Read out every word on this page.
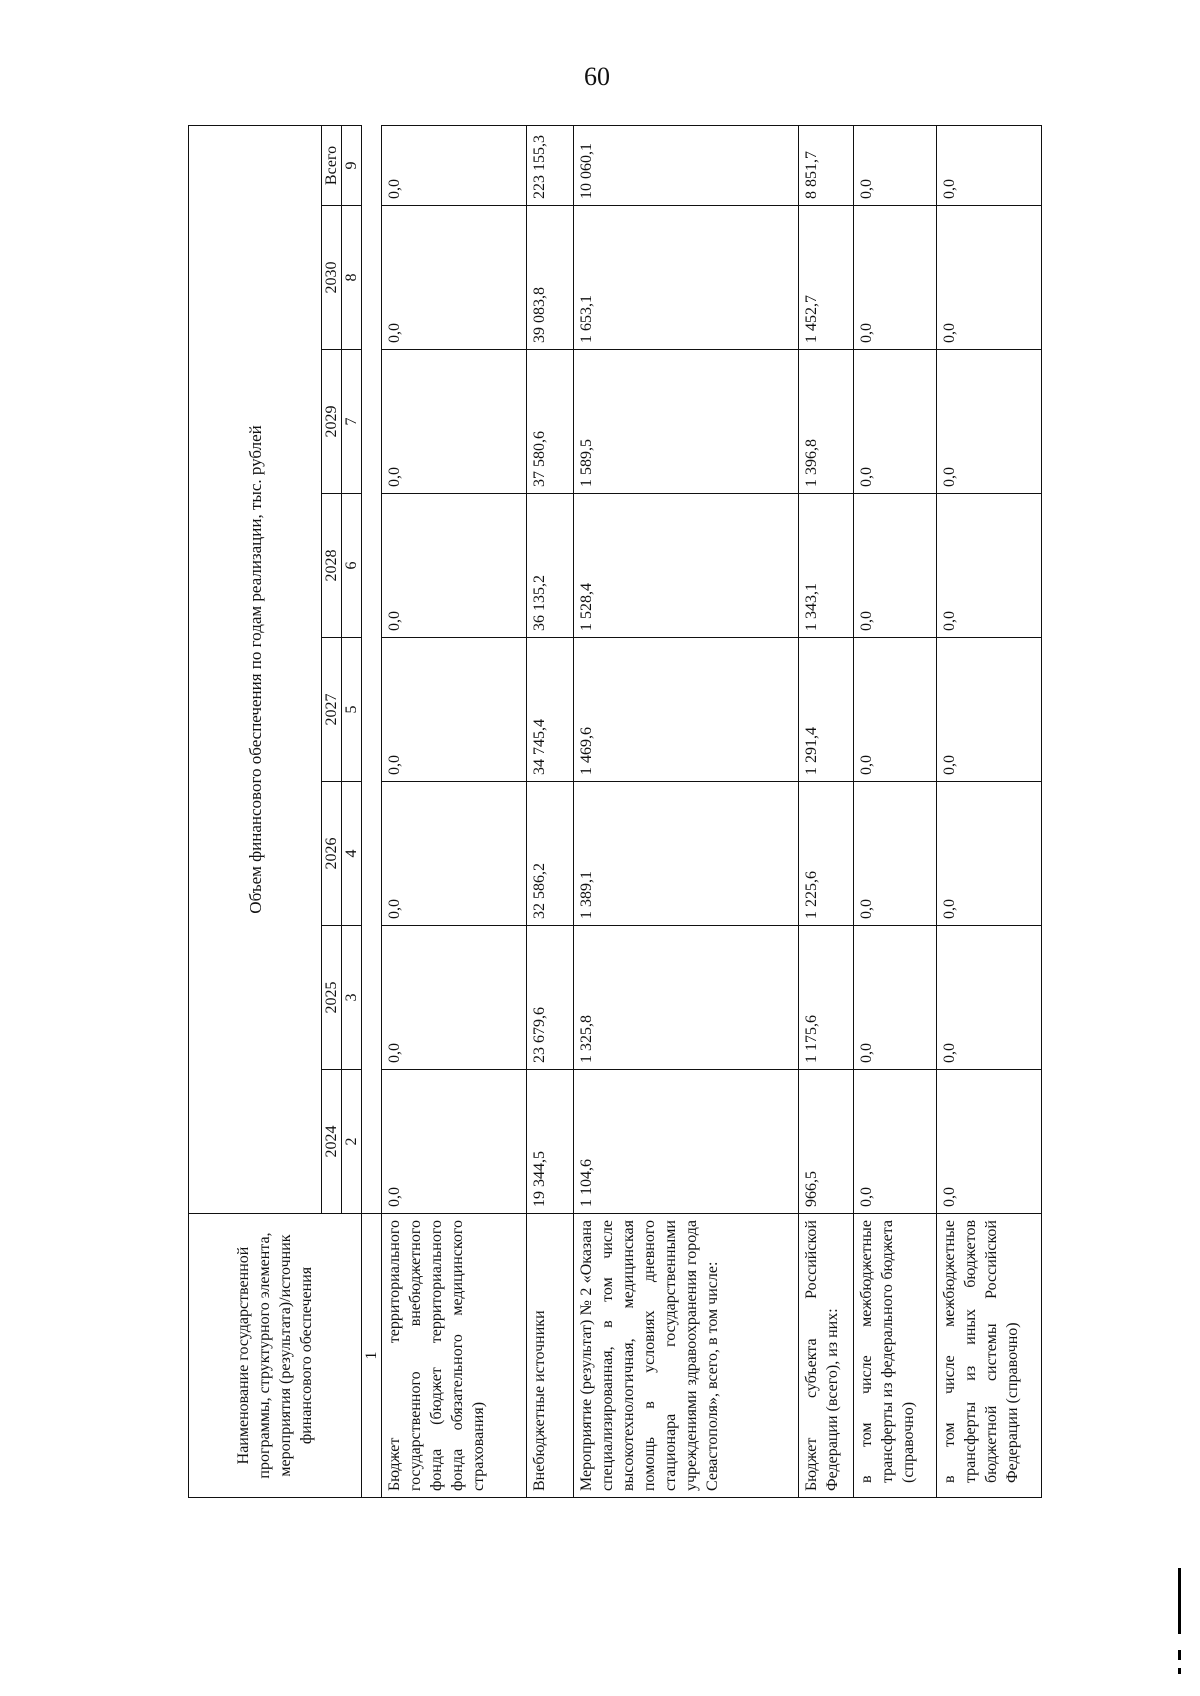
60
Наименование государственной программы, структурного элемента, мероприятия (результата)/источник финансового обеспечения	Объем финансового обеспечения по годам реализации, тыс. рублей							
	2024	2025	2026	2027	2028	2029	2030	Всего
	2	3	4	5	6	7	8	9
1								
Бюджет территориального государственного внебюджетного фонда (бюджет территориального фонда обязательного медицинского страхования)	0,0	0,0	0,0	0,0	0,0	0,0	0,0	0,0
Внебюджетные источники	19 344,5	23 679,6	32 586,2	34 745,4	36 135,2	37 580,6	39 083,8	223 155,3
Мероприятие (результат) № 2 «Оказана специализированная, в том числе высокотехнологичная, медицинская помощь в условиях дневного стационара государственными учреждениями здравоохранения города Севастополя», всего, в том числе:	1 104,6	1 325,8	1 389,1	1 469,6	1 528,4	1 589,5	1 653,1	10 060,1
Бюджет субъекта Российской Федерации (всего), из них:	966,5	1 175,6	1 225,6	1 291,4	1 343,1	1 396,8	1 452,7	8 851,7
в том числе межбюджетные трансферты из федерального бюджета (справочно)	0,0	0,0	0,0	0,0	0,0	0,0	0,0	0,0
в том числе межбюджетные трансферты из иных бюджетов бюджетной системы Российской Федерации (справочно)	0,0	0,0	0,0	0,0	0,0	0,0	0,0	0,0
